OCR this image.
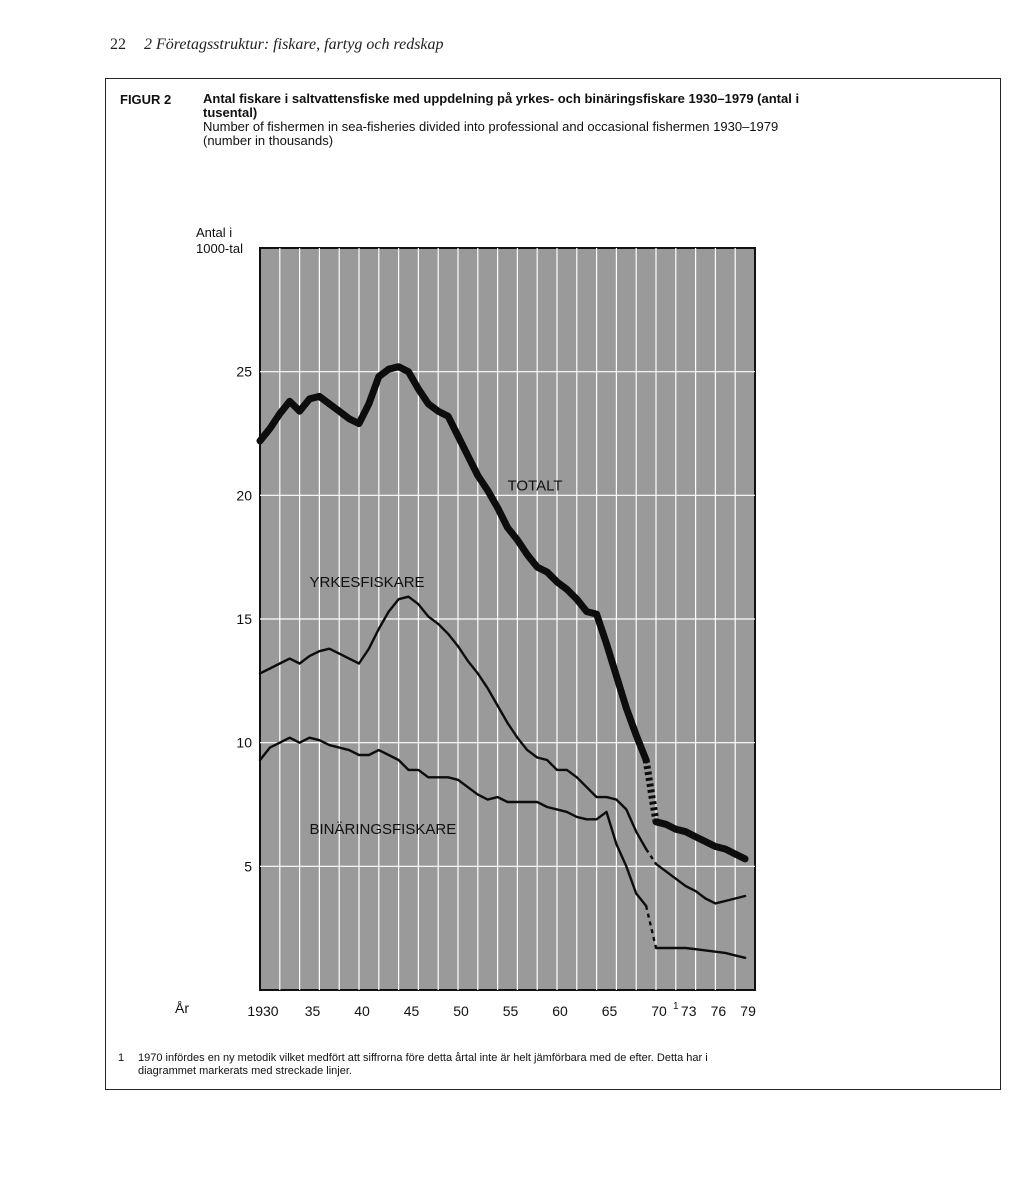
22 2 Företagsstruktur: fiskare, fartyg och redskap
FIGUR 2 Antal fiskare i saltvattensfiske med uppdelning på yrkes- och binäringsfiskare 1930–1979 (antal i tusental)
Number of fishermen in sea-fisheries divided into professional and occasional fishermen 1930–1979 (number in thousands)
Antal i 1000-tal
År
5
10
15
20
25
1930 35 40 45 50 55 60 65 70 1 73 76 79
TOTALT
YRKESFISKARE
BINÄRINGSFISKARE
1 1970 infördes en ny metodik vilket medfört att siffrorna före detta årtal inte är helt jämförbara med de efter. Detta har i diagrammet markerats med streckade linjer.
